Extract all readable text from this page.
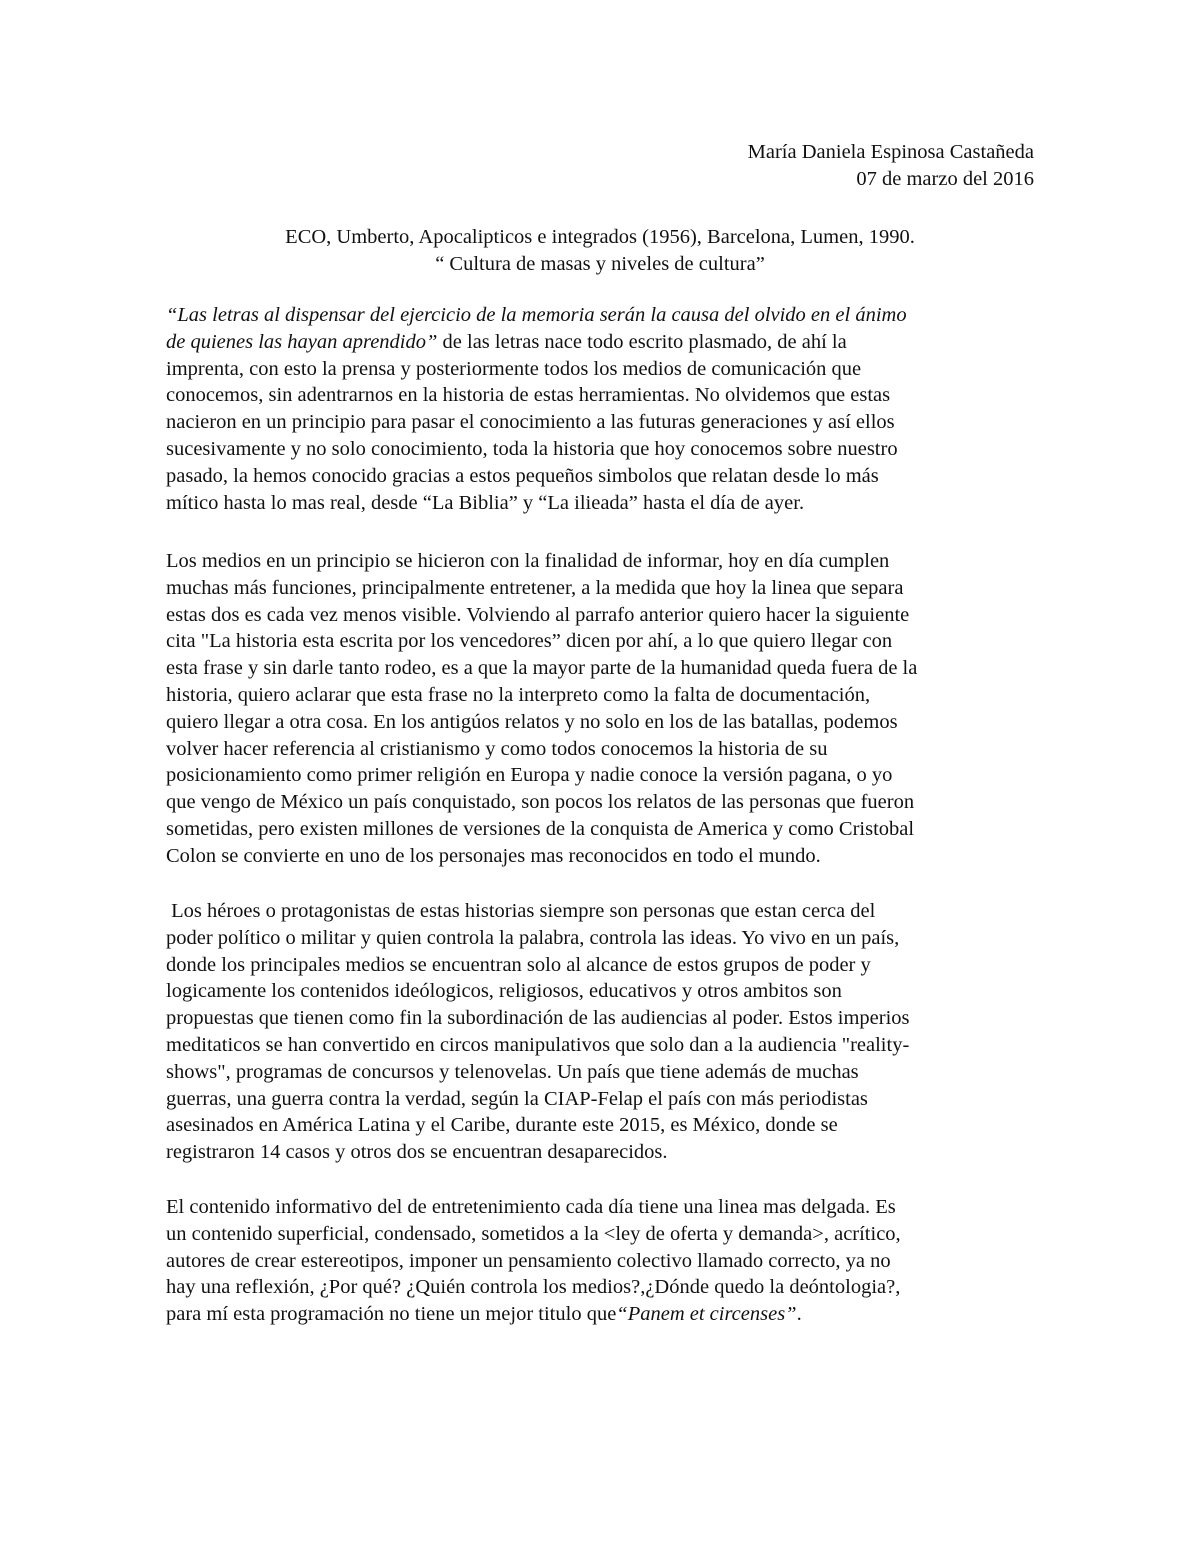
María Daniela Espinosa Castañeda
07 de marzo del 2016
ECO, Umberto, Apocalipticos e integrados (1956), Barcelona, Lumen, 1990.
“ Cultura de masas y niveles de cultura”
“Las letras al dispensar del ejercicio de la memoria serán la causa del olvido en el ánimo
de quienes las hayan aprendido” de las letras nace todo escrito plasmado, de ahí la
imprenta, con esto la prensa y posteriormente todos los medios de comunicación que
conocemos, sin adentrarnos en la historia de estas herramientas. No olvidemos que estas
nacieron en un principio para pasar el conocimiento a las futuras generaciones y así ellos
sucesivamente y no solo conocimiento, toda la historia que hoy conocemos sobre nuestro
pasado, la hemos conocido gracias a estos pequeños simbolos que relatan desde lo más
mítico hasta lo mas real, desde “La Biblia” y “La ilieada” hasta el día de ayer.
Los medios en un principio se hicieron con la finalidad de informar, hoy en día cumplen
muchas más funciones, principalmente entretener, a la medida que hoy la linea que separa
estas dos es cada vez menos visible. Volviendo al parrafo anterior quiero hacer la siguiente
cita "La historia esta escrita por los vencedores” dicen por ahí, a lo que quiero llegar con
esta frase y sin darle tanto rodeo, es a que la mayor parte de la humanidad queda fuera de la
historia, quiero aclarar que esta frase no la interpreto como la falta de documentación,
quiero llegar a otra cosa. En los antigúos relatos y no solo en los de las batallas, podemos
volver hacer referencia al cristianismo y como todos conocemos la historia de su
posicionamiento como primer religión en Europa y nadie conoce la versión pagana, o yo
que vengo de México un país conquistado, son pocos los relatos de las personas que fueron
sometidas, pero existen millones de versiones de la conquista de America y como Cristobal
Colon se convierte en uno de los personajes mas reconocidos en todo el mundo.
Los héroes o protagonistas de estas historias siempre son personas que estan cerca del
poder político o militar y quien controla la palabra, controla las ideas. Yo vivo en un país,
donde los principales medios se encuentran solo al alcance de estos grupos de poder y
logicamente los contenidos ideólogicos, religiosos, educativos y otros ambitos son
propuestas que tienen como fin la subordinación de las audiencias al poder. Estos imperios
meditaticos se han convertido en circos manipulativos que solo dan a la audiencia "reality-
shows", programas de concursos y telenovelas. Un país que tiene además de muchas
guerras, una guerra contra la verdad, según la CIAP-Felap el país con más periodistas
asesinados en América Latina y el Caribe, durante este 2015, es México, donde se
registraron 14 casos y otros dos se encuentran desaparecidos.
El contenido informativo del de entretenimiento cada día tiene una linea mas delgada. Es
un contenido superficial, condensado, sometidos a la <ley de oferta y demanda>, acrítico,
autores de crear estereotipos, imponer un pensamiento colectivo llamado correcto, ya no
hay una reflexión, ¿Por qué? ¿Quién controla los medios?,¿Dónde quedo la deóntologia?,
para mí esta programación no tiene un mejor titulo que“Panem et circenses”.
